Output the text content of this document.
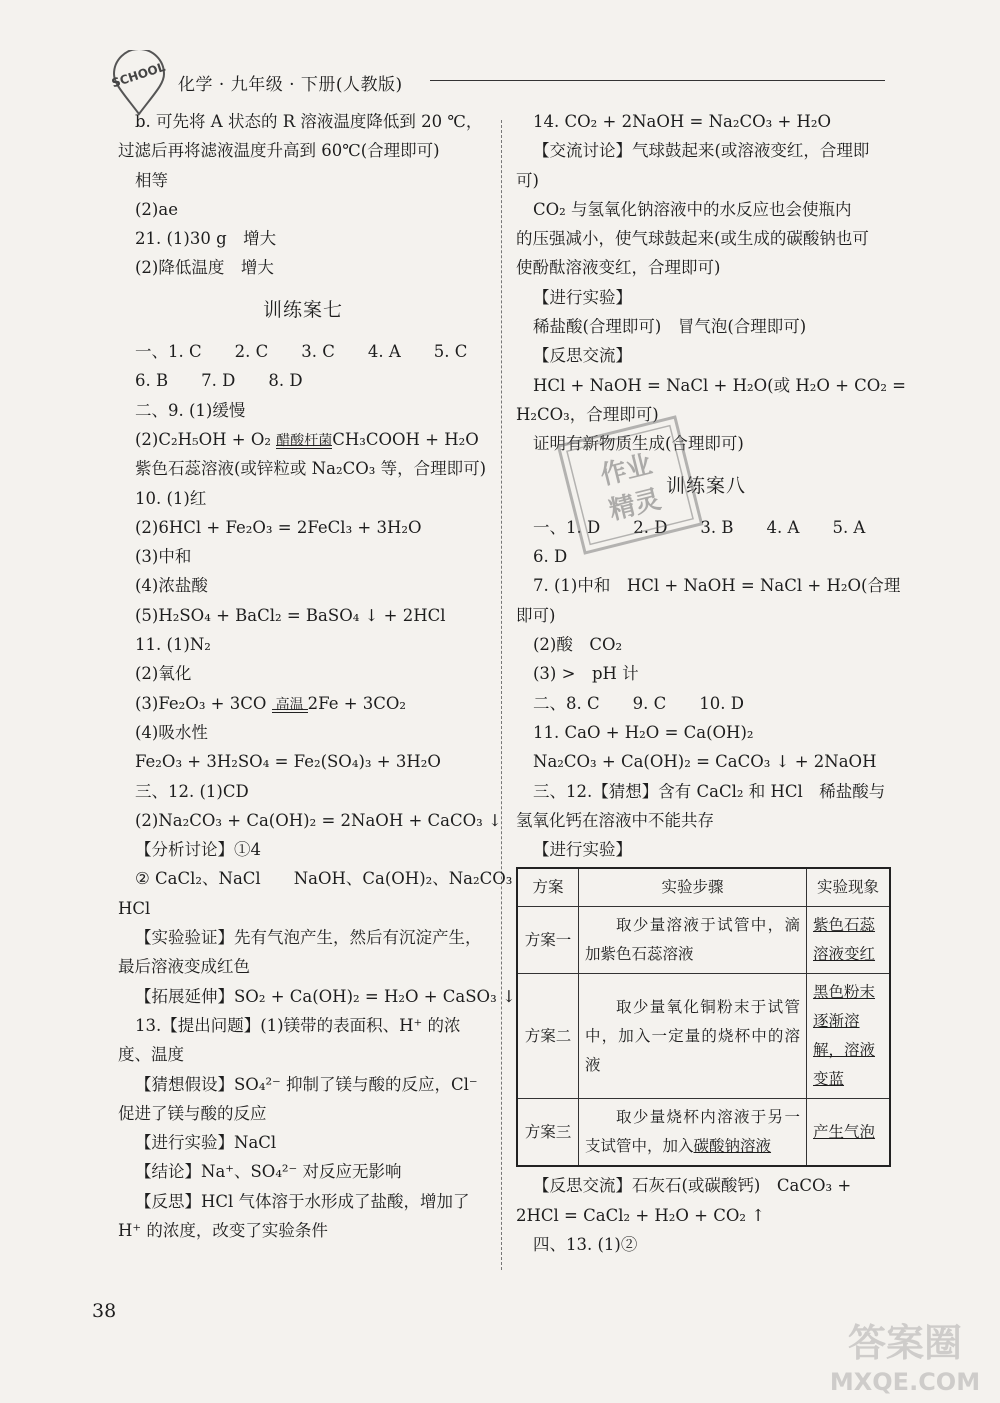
SCHOOL 化学 · 九年级 · 下册(人教版)
b. 可先将 A 状态的 R 溶液温度降低到 20 ℃，
过滤后再将滤液温度升高到 60℃(合理即可)
相等
(2)ae
21. (1)30 g　增大
(2)降低温度　增大
训练案七
一、1. C　　2. C　　3. C　　4. A　　5. C
6. B　　7. D　　8. D
二、9. (1)缓慢
(2)C₂H₅OH + O₂ 醋酸杆菌 CH₃COOH + H₂O
紫色石蕊溶液(或锌粒或 Na₂CO₃ 等，合理即可)
10. (1)红
(2)6HCl + Fe₂O₃ = 2FeCl₃ + 3H₂O
(3)中和
(4)浓盐酸
(5)H₂SO₄ + BaCl₂ = BaSO₄ ↓ + 2HCl
11. (1)N₂
(2)氧化
(3)Fe₂O₃ + 3CO 高温 2Fe + 3CO₂
(4)吸水性
Fe₂O₃ + 3H₂SO₄ = Fe₂(SO₄)₃ + 3H₂O
三、12. (1)CD
(2)Na₂CO₃ + Ca(OH)₂ = 2NaOH + CaCO₃ ↓
【分析讨论】①4
② CaCl₂、NaCl　　NaOH、Ca(OH)₂、Na₂CO₃
HCl
【实验验证】先有气泡产生，然后有沉淀产生，
最后溶液变成红色
【拓展延伸】SO₂ + Ca(OH)₂ = H₂O + CaSO₃ ↓
13.【提出问题】(1)镁带的表面积、H⁺ 的浓
度、温度
【猜想假设】SO₄²⁻ 抑制了镁与酸的反应，Cl⁻
促进了镁与酸的反应
【进行实验】NaCl
【结论】Na⁺、SO₄²⁻ 对反应无影响
【反思】HCl 气体溶于水形成了盐酸，增加了
H⁺ 的浓度，改变了实验条件
14. CO₂ + 2NaOH = Na₂CO₃ + H₂O
【交流讨论】气球鼓起来(或溶液变红，合理即
可)
CO₂ 与氢氧化钠溶液中的水反应也会使瓶内
的压强减小，使气球鼓起来(或生成的碳酸钠也可
使酚酞溶液变红，合理即可)
【进行实验】
稀盐酸(合理即可)　冒气泡(合理即可)
【反思交流】
HCl + NaOH = NaCl + H₂O(或 H₂O + CO₂ =
H₂CO₃，合理即可)
证明有新物质生成(合理即可)
训练案八
一、1. D　　2. D　　3. B　　4. A　　5. A
6. D
7. (1)中和　HCl + NaOH = NaCl + H₂O(合理
即可)
(2)酸　CO₂
(3) >　pH 计
二、8. C　　9. C　　10. D
11. CaO + H₂O = Ca(OH)₂
Na₂CO₃ + Ca(OH)₂ = CaCO₃ ↓ + 2NaOH
三、12.【猜想】含有 CaCl₂ 和 HCl　稀盐酸与
氢氧化钙在溶液中不能共存
【进行实验】
方案	实验步骤	实验现象
方案一	取少量溶液于试管中，滴加紫色石蕊溶液	紫色石蕊溶液变红
方案二	取少量氧化铜粉末于试管中，加入一定量的烧杯中的溶液	黑色粉末逐渐溶解，溶液变蓝
方案三	取少量烧杯内溶液于另一支试管中，加入碳酸钠溶液	产生气泡
【反思交流】石灰石(或碳酸钙)　CaCO₃ +
2HCl = CaCl₂ + H₂O + CO₂ ↑
四、13. (1)②
作业
精灵
38
答案圈
MXQE.COM
